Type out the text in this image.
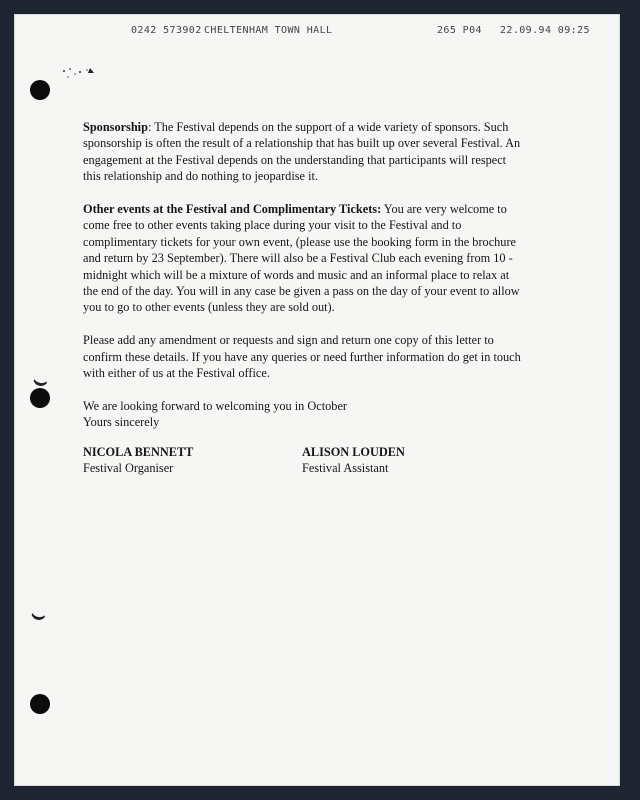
0242 573902 CHELTENHAM TOWN HALL	265 P04 22.09.94 09:25

Sponsorship: The Festival depends on the support of a wide variety of sponsors. Such sponsorship is often the result of a relationship that has built up over several Festival. An engagement at the Festival depends on the understanding that participants will respect this relationship and do nothing to jeopardise it.

Other events at the Festival and Complimentary Tickets: You are very welcome to come free to other events taking place during your visit to the Festival and to complimentary tickets for your own event, (please use the booking form in the brochure and return by 23 September). There will also be a Festival Club each evening from 10 - midnight which will be a mixture of words and music and an informal place to relax at the end of the day. You will in any case be given a pass on the day of your event to allow you to go to other events (unless they are sold out).

Please add any amendment or requests and sign and return one copy of this letter to confirm these details. If you have any queries or need further information do get in touch with either of us at the Festival office.

We are looking forward to welcoming you in October

Yours sincerely

NICOLA BENNETT
Festival Organiser
ALISON LOUDEN
Festival Assistant
